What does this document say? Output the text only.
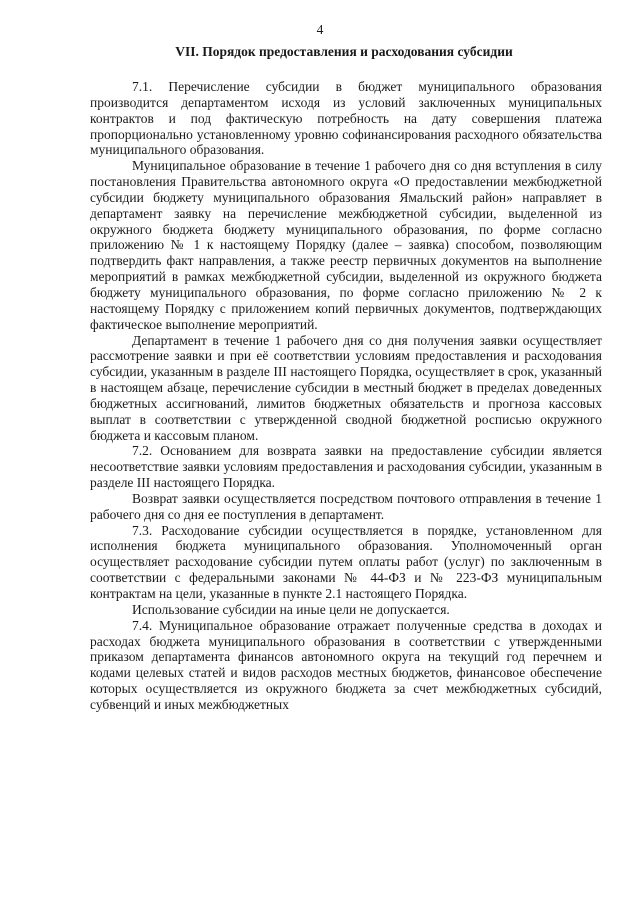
4
VII. Порядок предоставления и расходования субсидии

7.1. Перечисление субсидии в бюджет муниципального образования производится департаментом исходя из условий заключенных муниципальных контрактов и под фактическую потребность на дату совершения платежа пропорционально установленному уровню софинансирования расходного обязательства муниципального образования.

Муниципальное образование в течение 1 рабочего дня со дня вступления в силу постановления Правительства автономного округа «О предоставлении межбюджетной субсидии бюджету муниципального образования Ямальский район» направляет в департамент заявку на перечисление межбюджетной субсидии, выделенной из окружного бюджета бюджету муниципального образования, по форме согласно приложению № 1 к настоящему Порядку (далее – заявка) способом, позволяющим подтвердить факт направления, а также реестр первичных документов на выполнение мероприятий в рамках межбюджетной субсидии, выделенной из окружного бюджета бюджету муниципального образования, по форме согласно приложению № 2 к настоящему Порядку с приложением копий первичных документов, подтверждающих фактическое выполнение мероприятий.

Департамент в течение 1 рабочего дня со дня получения заявки осуществляет рассмотрение заявки и при её соответствии условиям предоставления и расходования субсидии, указанным в разделе III настоящего Порядка, осуществляет в срок, указанный в настоящем абзаце, перечисление субсидии в местный бюджет в пределах доведенных бюджетных ассигнований, лимитов бюджетных обязательств и прогноза кассовых выплат в соответствии с утвержденной сводной бюджетной росписью окружного бюджета и кассовым планом.

7.2. Основанием для возврата заявки на предоставление субсидии является несоответствие заявки условиям предоставления и расходования субсидии, указанным в разделе III настоящего Порядка.

Возврат заявки осуществляется посредством почтового отправления в течение 1 рабочего дня со дня ее поступления в департамент.

7.3. Расходование субсидии осуществляется в порядке, установленном для исполнения бюджета муниципального образования. Уполномоченный орган осуществляет расходование субсидии путем оплаты работ (услуг) по заключенным в соответствии с федеральными законами № 44-ФЗ и № 223-ФЗ муниципальным контрактам на цели, указанные в пункте 2.1 настоящего Порядка.

Использование субсидии на иные цели не допускается.

7.4. Муниципальное образование отражает полученные средства в доходах и расходах бюджета муниципального образования в соответствии с утвержденными приказом департамента финансов автономного округа на текущий год перечнем и кодами целевых статей и видов расходов местных бюджетов, финансовое обеспечение которых осуществляется из окружного бюджета за счет межбюджетных субсидий, субвенций и иных межбюджетных
